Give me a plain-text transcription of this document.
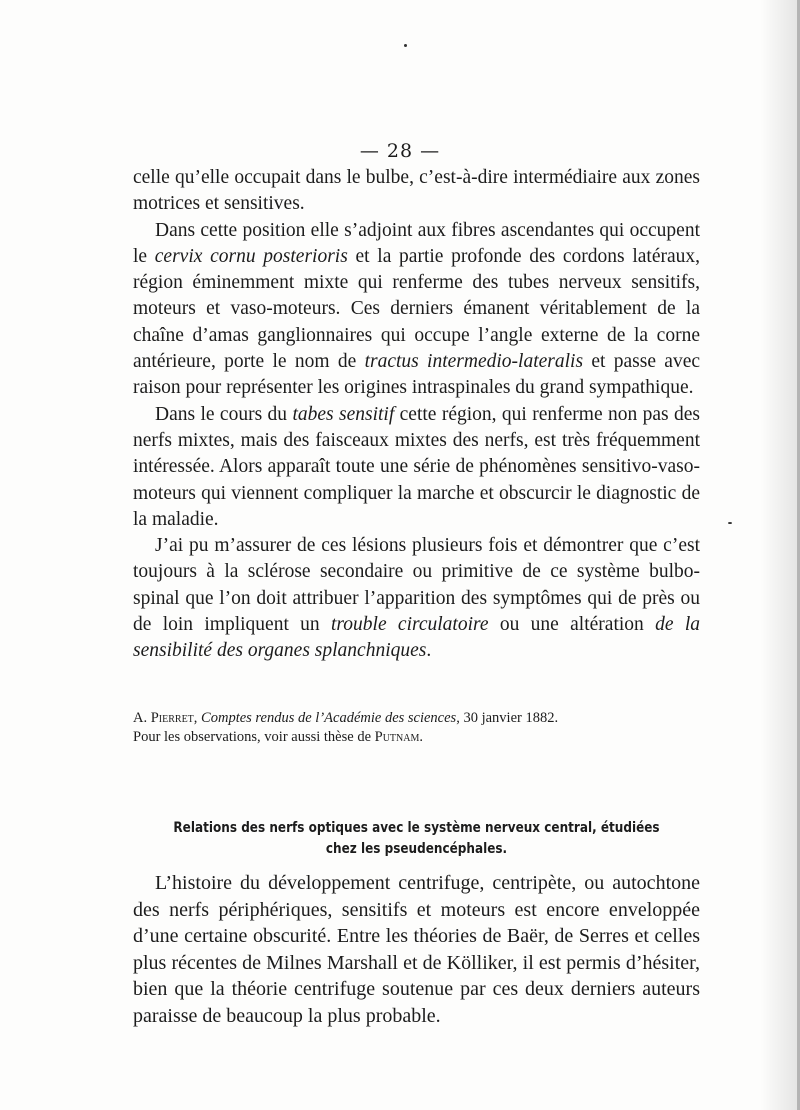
— 28 —

celle qu’elle occupait dans le bulbe, c’est-à-dire intermédiaire aux zones motrices et sensitives.

Dans cette position elle s’adjoint aux fibres ascendantes qui occupent le cervix cornu posterioris et la partie profonde des cordons latéraux, région éminemment mixte qui renferme des tubes nerveux sensitifs, moteurs et vaso-moteurs. Ces derniers émanent véritablement de la chaîne d’amas ganglionnaires qui occupe l’angle externe de la corne antérieure, porte le nom de tractus intermedio-lateralis et passe avec raison pour représenter les origines intraspinales du grand sympathique.

Dans le cours du tabes sensitif cette région, qui renferme non pas des nerfs mixtes, mais des faisceaux mixtes des nerfs, est très fréquemment intéressée. Alors apparaît toute une série de phénomènes sensitivo-vaso-moteurs qui viennent compliquer la marche et obscurcir le diagnostic de la maladie.

J’ai pu m’assurer de ces lésions plusieurs fois et démontrer que c’est toujours à la sclérose secondaire ou primitive de ce système bulbo-spinal que l’on doit attribuer l’apparition des symptômes qui de près ou de loin impliquent un trouble circulatoire ou une altération de la sensibilité des organes splanchniques.

A. Pierret, Comptes rendus de l’Académie des sciences, 30 janvier 1882.

Pour les observations, voir aussi thèse de Putnam.

Relations des nerfs optiques avec le système nerveux central, étudiées
chez les pseudencéphales.

L’histoire du développement centrifuge, centripète, ou autochtone des nerfs périphériques, sensitifs et moteurs est encore enveloppée d’une certaine obscurité. Entre les théories de Baër, de Serres et celles plus récentes de Milnes Marshall et de Kölliker, il est permis d’hésiter, bien que la théorie centrifuge soutenue par ces deux derniers auteurs paraisse de beaucoup la plus probable.
